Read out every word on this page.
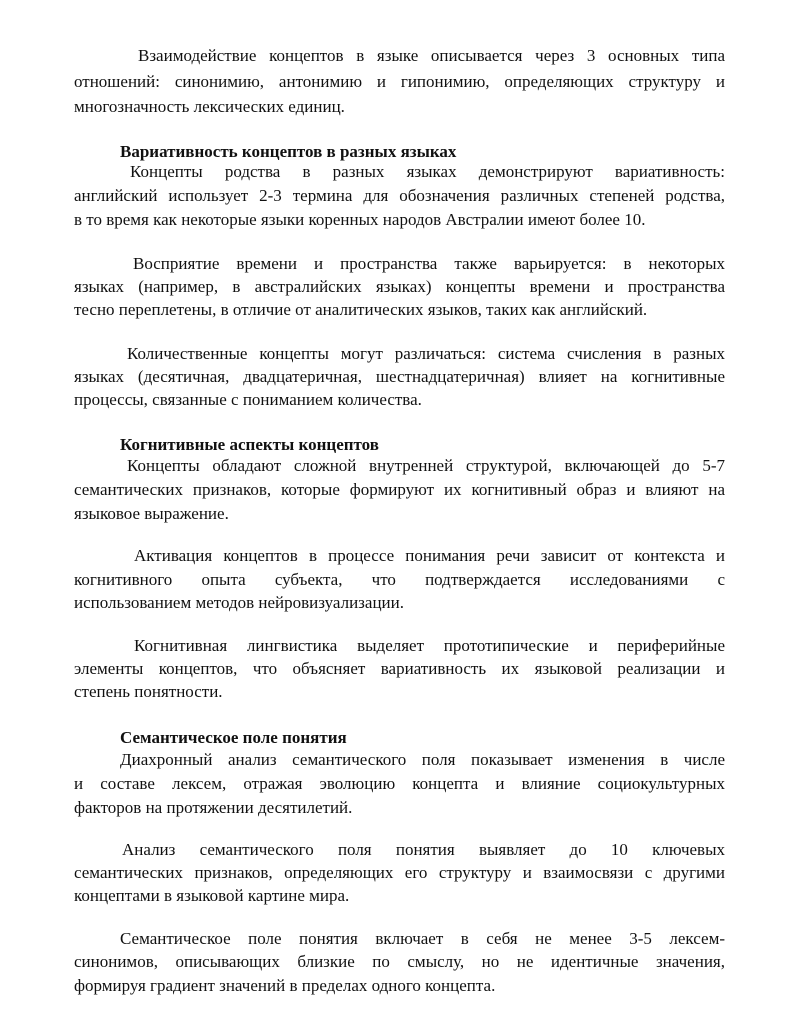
Взаимодействие концептов в языке описывается через 3 основных типа
отношений: синонимию, антонимию и гипонимию, определяющих структуру и
многозначность лексических единиц.
Вариативность концептов в разных языках
Концепты родства в разных языках демонстрируют вариативность:
английский использует 2-3 термина для обозначения различных степеней родства,
в то время как некоторые языки коренных народов Австралии имеют более 10.
Восприятие времени и пространства также варьируется: в некоторых
языках (например, в австралийских языках) концепты времени и пространства
тесно переплетены, в отличие от аналитических языков, таких как английский.
Количественные концепты могут различаться: система счисления в разных
языках (десятичная, двадцатеричная, шестнадцатеричная) влияет на когнитивные
процессы, связанные с пониманием количества.
Когнитивные аспекты концептов
Концепты обладают сложной внутренней структурой, включающей до 5-7
семантических признаков, которые формируют их когнитивный образ и влияют на
языковое выражение.
Активация концептов в процессе понимания речи зависит от контекста и
когнитивного опыта субъекта, что подтверждается исследованиями с
использованием методов нейровизуализации.
Когнитивная лингвистика выделяет прототипические и периферийные
элементы концептов, что объясняет вариативность их языковой реализации и
степень понятности.
Семантическое поле понятия
Диахронный анализ семантического поля показывает изменения в числе
и составе лексем, отражая эволюцию концепта и влияние социокультурных
факторов на протяжении десятилетий.
Анализ семантического поля понятия выявляет до 10 ключевых
семантических признаков, определяющих его структуру и взаимосвязи с другими
концептами в языковой картине мира.
Семантическое поле понятия включает в себя не менее 3-5 лексем-
синонимов, описывающих близкие по смыслу, но не идентичные значения,
формируя градиент значений в пределах одного концепта.
